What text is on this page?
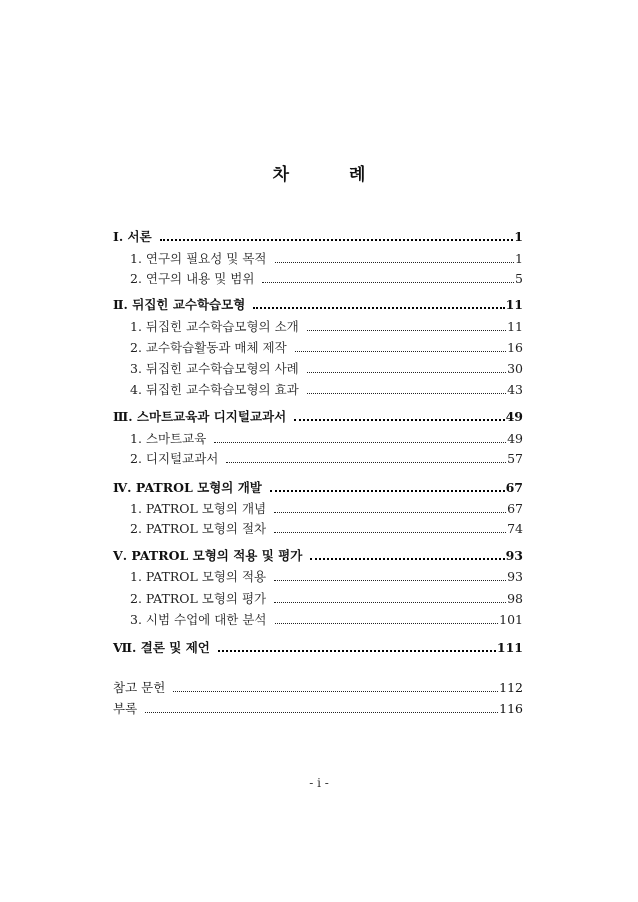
차	례
Ⅰ. 서론	1
1. 연구의 필요성 및 목적	1
2. 연구의 내용 및 범위	5
Ⅱ. 뒤집힌 교수학습모형	11
1. 뒤집힌 교수학습모형의 소개	11
2. 교수학습활동과 매체 제작	16
3. 뒤집힌 교수학습모형의 사례	30
4. 뒤집힌 교수학습모형의 효과	43
Ⅲ. 스마트교육과 디지털교과서	49
1. 스마트교육	49
2. 디지털교과서	57
Ⅳ. PATROL 모형의 개발	67
1. PATROL 모형의 개념	67
2. PATROL 모형의 절차	74
Ⅴ. PATROL 모형의 적용 및 평가	93
1. PATROL 모형의 적용	93
2. PATROL 모형의 평가	98
3. 시범 수업에 대한 분석	101
Ⅶ. 결론 및 제언	111
참고 문헌	112
부록	116
- i -
